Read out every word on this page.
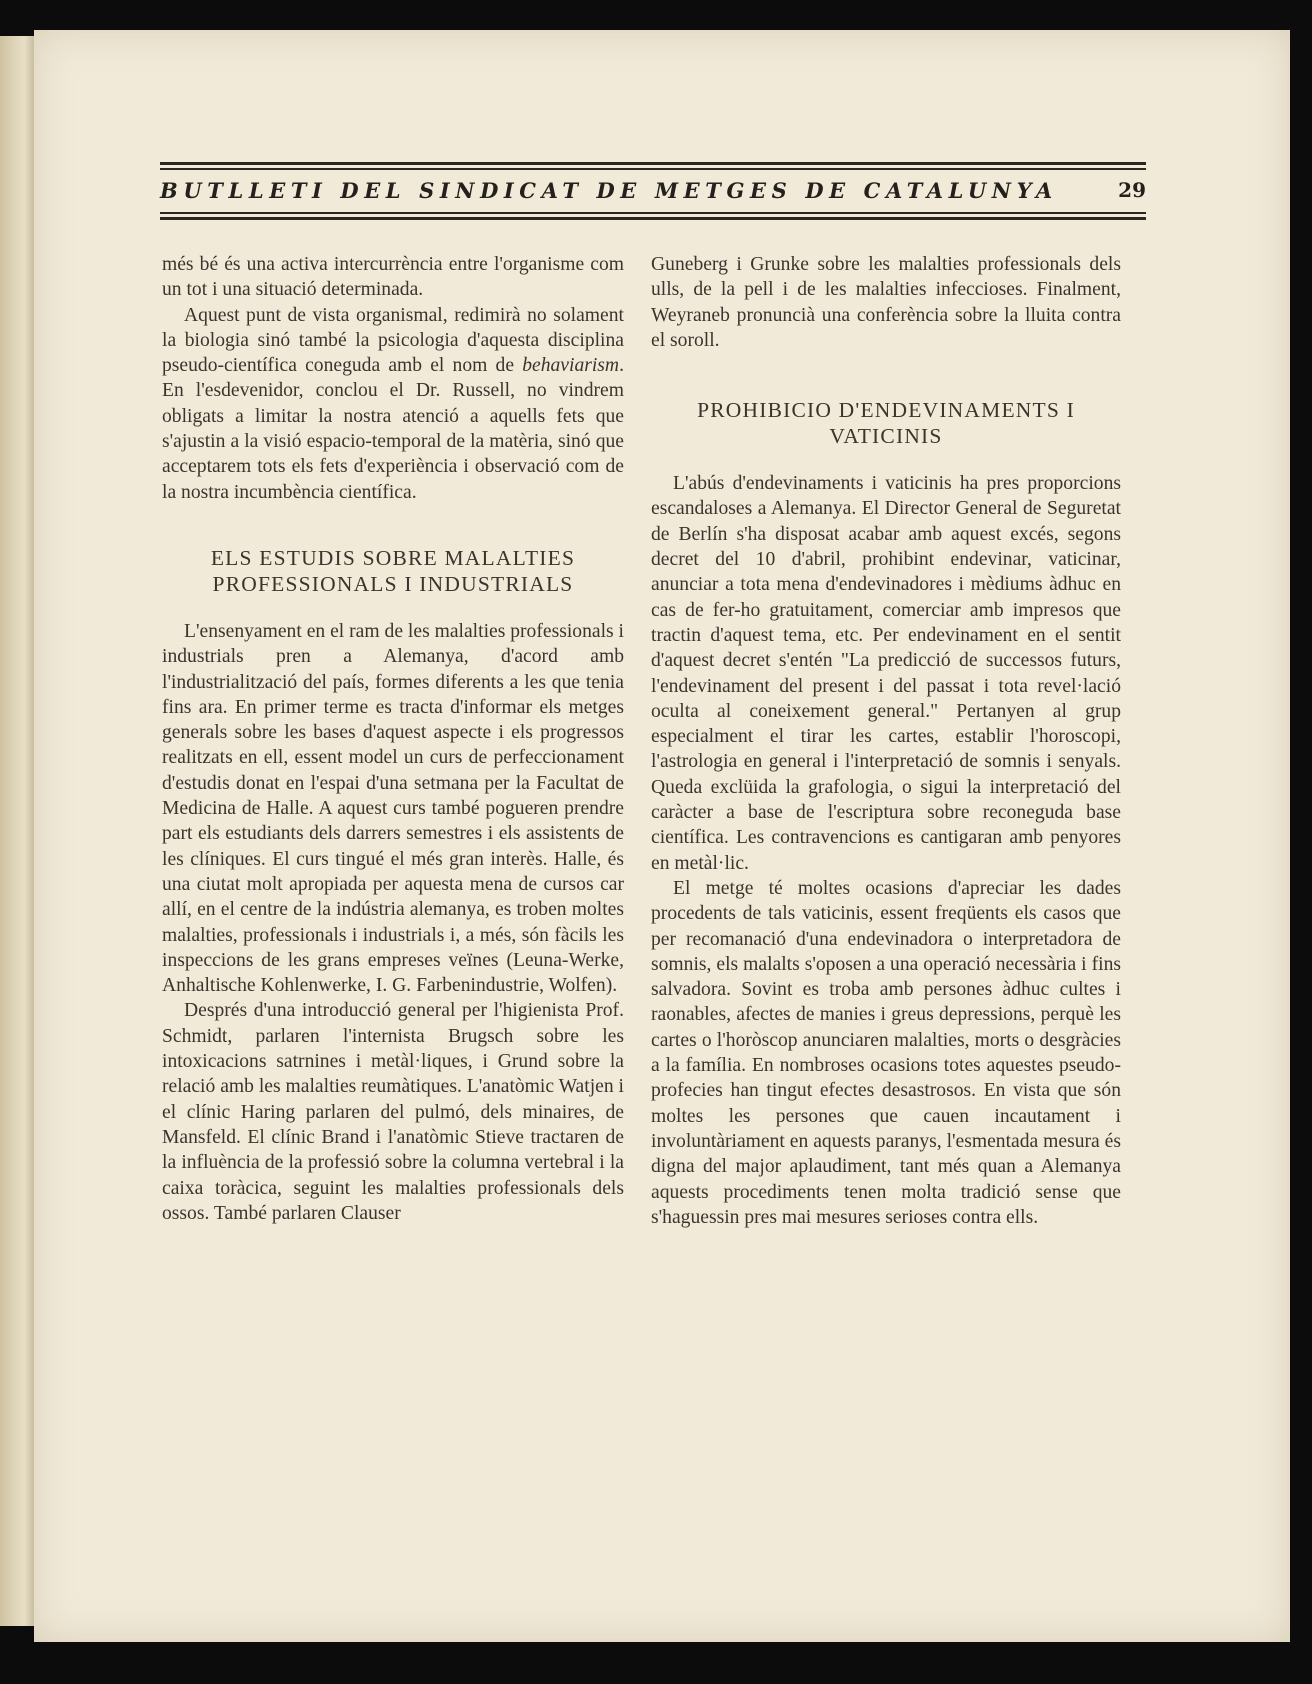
BUTLLETI DEL SINDICAT DE METGES DE CATALUNYA	29

més bé és una activa intercurrència entre l'organisme com un tot i una situació determinada.

Aquest punt de vista organismal, redimirà no solament la biologia sinó també la psicologia d'aquesta disciplina pseudo-científica coneguda amb el nom de behaviarism. En l'esdevenidor, conclou el Dr. Russell, no vindrem obligats a limitar la nostra atenció a aquells fets que s'ajustin a la visió espacio-temporal de la matèria, sinó que acceptarem tots els fets d'experiència i observació com de la nostra incumbència científica.

ELS ESTUDIS SOBRE MALALTIES PROFESSIONALS I INDUSTRIALS

L'ensenyament en el ram de les malalties professionals i industrials pren a Alemanya, d'acord amb l'industrialització del país, formes diferents a les que tenia fins ara. En primer terme es tracta d'informar els metges generals sobre les bases d'aquest aspecte i els progressos realitzats en ell, essent model un curs de perfeccionament d'estudis donat en l'espai d'una setmana per la Facultat de Medicina de Halle. A aquest curs també pogueren prendre part els estudiants dels darrers semestres i els assistents de les clíniques. El curs tingué el més gran interès. Halle, és una ciutat molt apropiada per aquesta mena de cursos car allí, en el centre de la indústria alemanya, es troben moltes malalties, professionals i industrials i, a més, són fàcils les inspeccions de les grans empreses veïnes (Leuna-Werke, Anhaltische Kohlenwerke, I. G. Farbenindustrie, Wolfen).

Després d'una introducció general per l'higienista Prof. Schmidt, parlaren l'internista Brugsch sobre les intoxicacions satrnines i metàl·liques, i Grund sobre la relació amb les malalties reumàtiques. L'anatòmic Watjen i el clínic Haring parlaren del pulmó, dels minaires, de Mansfeld. El clínic Brand i l'anatòmic Stieve tractaren de la influència de la professió sobre la columna vertebral i la caixa toràcica, seguint les malalties professionals dels ossos. També parlaren Clauser

Guneberg i Grunke sobre les malalties professionals dels ulls, de la pell i de les malalties infeccioses. Finalment, Weyraneb pronuncià una conferència sobre la lluita contra el soroll.

PROHIBICIO D'ENDEVINAMENTS I VATICINIS

L'abús d'endevinaments i vaticinis ha pres proporcions escandaloses a Alemanya. El Director General de Seguretat de Berlín s'ha disposat acabar amb aquest excés, segons decret del 10 d'abril, prohibint endevinar, vaticinar, anunciar a tota mena d'endevinadores i mèdiums àdhuc en cas de fer-ho gratuitament, comerciar amb impresos que tractin d'aquest tema, etc. Per endevinament en el sentit d'aquest decret s'entén "La predicció de successos futurs, l'endevinament del present i del passat i tota revel·lació oculta al coneixement general." Pertanyen al grup especialment el tirar les cartes, establir l'horoscopi, l'astrologia en general i l'interpretació de somnis i senyals. Queda exclüida la grafologia, o sigui la interpretació del caràcter a base de l'escriptura sobre reconeguda base científica. Les contravencions es cantigaran amb penyores en metàl·lic.

El metge té moltes ocasions d'apreciar les dades procedents de tals vaticinis, essent freqüents els casos que per recomanació d'una endevinadora o interpretadora de somnis, els malalts s'oposen a una operació necessària i fins salvadora. Sovint es troba amb persones àdhuc cultes i raonables, afectes de manies i greus depressions, perquè les cartes o l'horòscop anunciaren malalties, morts o desgràcies a la família. En nombroses ocasions totes aquestes pseudo-profecies han tingut efectes desastrosos. En vista que són moltes les persones que cauen incautament i involuntàriament en aquests paranys, l'esmentada mesura és digna del major aplaudiment, tant més quan a Alemanya aquests procediments tenen molta tradició sense que s'haguessin pres mai mesures serioses contra ells.
